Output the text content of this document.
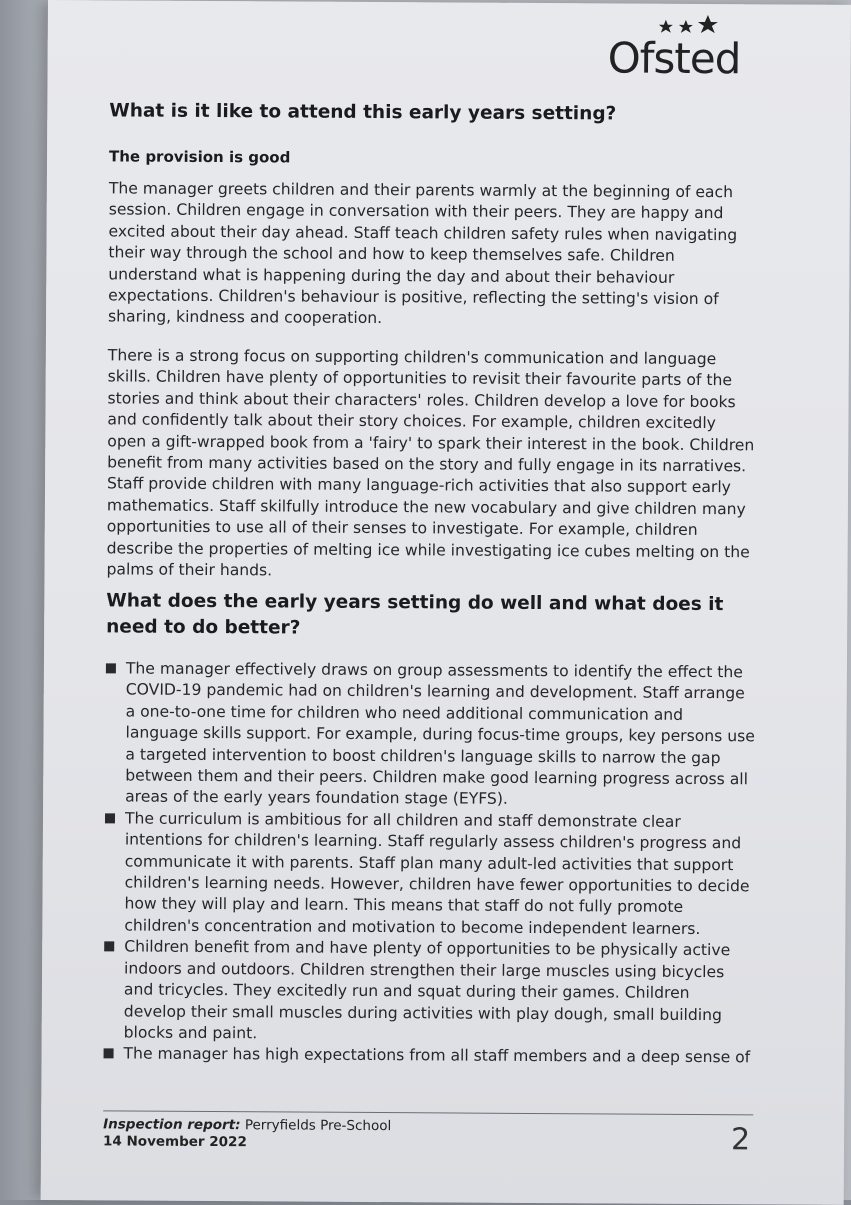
Ofsted
What is it like to attend this early years setting?
The provision is good

The manager greets children and their parents warmly at the beginning of each session. Children engage in conversation with their peers. They are happy and excited about their day ahead. Staff teach children safety rules when navigating their way through the school and how to keep themselves safe. Children understand what is happening during the day and about their behaviour expectations. Children's behaviour is positive, reflecting the setting's vision of sharing, kindness and cooperation.

There is a strong focus on supporting children's communication and language skills. Children have plenty of opportunities to revisit their favourite parts of the stories and think about their characters' roles. Children develop a love for books and confidently talk about their story choices. For example, children excitedly open a gift-wrapped book from a 'fairy' to spark their interest in the book. Children benefit from many activities based on the story and fully engage in its narratives. Staff provide children with many language-rich activities that also support early mathematics. Staff skilfully introduce the new vocabulary and give children many opportunities to use all of their senses to investigate. For example, children describe the properties of melting ice while investigating ice cubes melting on the palms of their hands.

What does the early years setting do well and what does it need to do better?
The manager effectively draws on group assessments to identify the effect the COVID-19 pandemic had on children's learning and development. Staff arrange a one-to-one time for children who need additional communication and language skills support. For example, during focus-time groups, key persons use a targeted intervention to boost children's language skills to narrow the gap between them and their peers. Children make good learning progress across all areas of the early years foundation stage (EYFS).
The curriculum is ambitious for all children and staff demonstrate clear intentions for children's learning. Staff regularly assess children's progress and communicate it with parents. Staff plan many adult-led activities that support children's learning needs. However, children have fewer opportunities to decide how they will play and learn. This means that staff do not fully promote children's concentration and motivation to become independent learners.
Children benefit from and have plenty of opportunities to be physically active indoors and outdoors. Children strengthen their large muscles using bicycles and tricycles. They excitedly run and squat during their games. Children develop their small muscles during activities with play dough, small building blocks and paint.
The manager has high expectations from all staff members and a deep sense of
Inspection report: Perryfields Pre-School
14 November 2022	2
